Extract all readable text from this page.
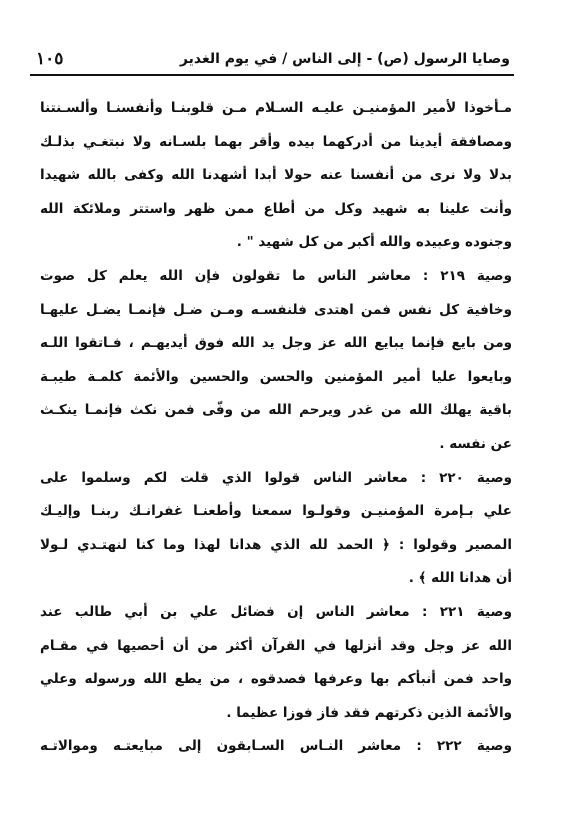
١٠٥	وصايا الرسول (ص) - إلى الناس / في يوم الغدير
مـأخوذا لأمير المؤمنيـن عليـه السـلام مـن قلوبنـا وأنفسنـا وألسـنتنا
ومصافقة أيدينا من أدركهما بيده وأقر بهما بلسـانه ولا نبتغـي بذلـك
بدلا ولا نرى من أنفسنا عنه حولا أبدا أشهدنا الله وكفى بالله شهيدا
وأنت علينا به شهيد وكل من أطاع ممن ظهر واستتر وملائكة الله
وجنوده وعبيده والله أكبر من كل شهيد " .
وصية ٢١٩ : معاشر الناس ما تقولون فإن الله يعلم كل صوت
وخافية كل نفس فمن اهتدى فلنفسـه ومـن ضـل فإنمـا يضـل عليهـا
ومن بايع فإنما يبايع الله عز وجل يد الله فوق أيديهـم ، فـاتقوا اللـه
وبايعوا عليا أمير المؤمنين والحسن والحسين والأئمة كلمـة طيبـة
باقية يهلك الله من غدر ويرحم الله من وفّى فمن نكث فإنمـا ينكـث
عن نفسه .
وصية ٢٢٠ : معاشر الناس قولوا الذي قلت لكم وسلموا على
علي بـإمرة المؤمنيـن وقولـوا سمعنا وأطعنـا غفرانـك ربنـا وإليـك
المصير وقولوا : ﴿ الحمد لله الذي هدانا لهذا وما كنا لنهتـدي لـولا
أن هدانا الله ﴾ .
وصية ٢٢١ : معاشر الناس إن فضائل علي بن أبي طالب عند
الله عز وجل وقد أنزلها في القرآن أكثر من أن أحصيها في مقـام
واحد فمن أنبأكم بها وعرفها فصدقوه ، من يطع الله ورسوله وعلي
والأئمة الذين ذكرتهم فقد فاز فوزا عظيما .
وصية ٢٢٢ : معاشر النـاس السـابقون إلى مبايعتـه وموالاتـه
